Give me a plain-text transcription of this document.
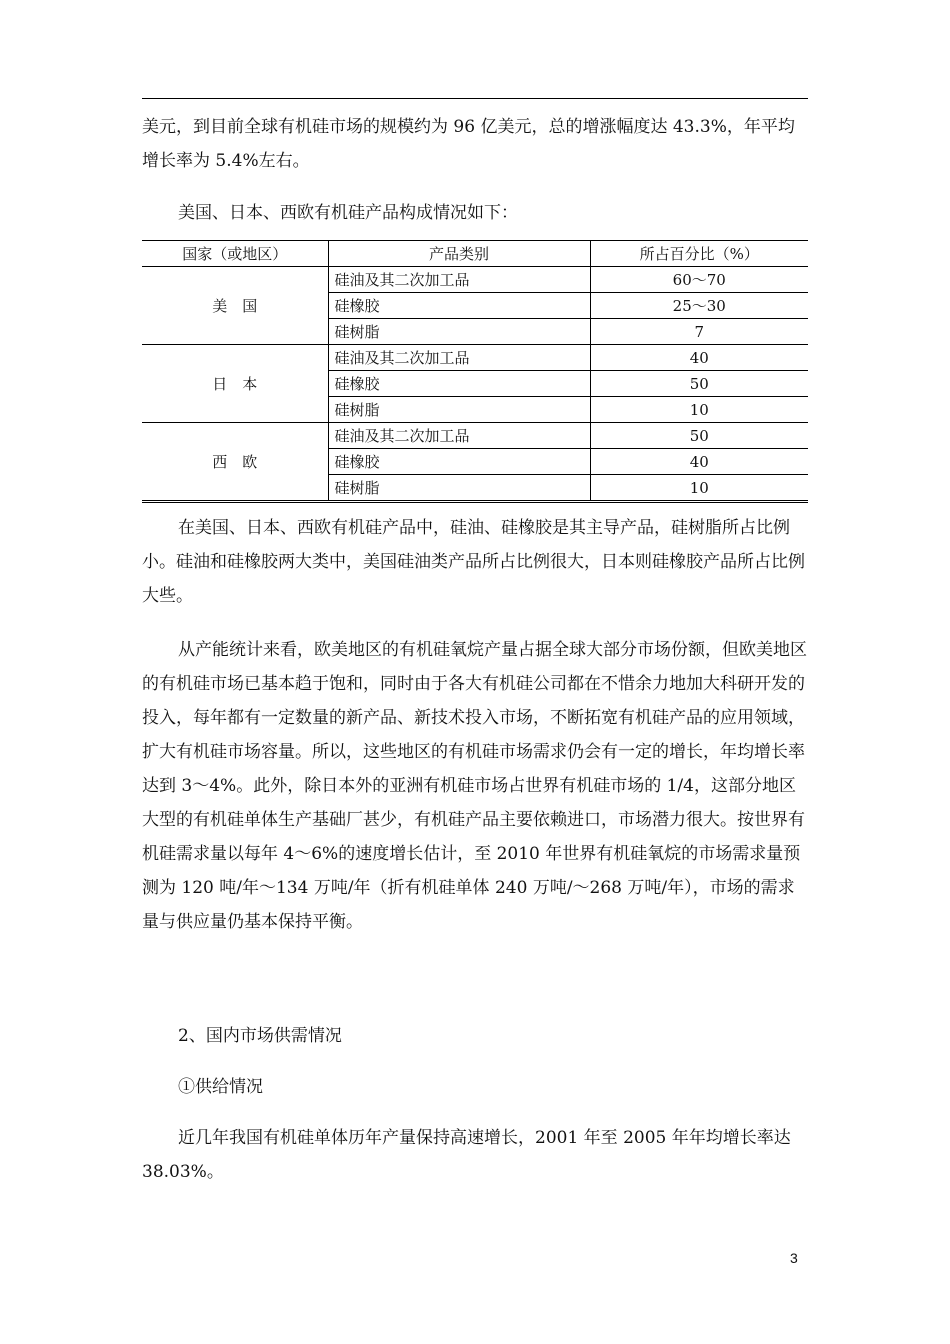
美元，到目前全球有机硅市场的规模约为 96 亿美元，总的增涨幅度达 43.3%，年平均增长率为 5.4%左右。

美国、日本、西欧有机硅产品构成情况如下：

国家（或地区）	产品类别	所占百分比（%）
美　国	硅油及其二次加工品	60～70
	硅橡胶	25～30
	硅树脂	7
日　本	硅油及其二次加工品	40
	硅橡胶	50
	硅树脂	10
西　欧	硅油及其二次加工品	50
	硅橡胶	40
	硅树脂	10

在美国、日本、西欧有机硅产品中，硅油、硅橡胶是其主导产品，硅树脂所占比例小。硅油和硅橡胶两大类中，美国硅油类产品所占比例很大，日本则硅橡胶产品所占比例大些。

从产能统计来看，欧美地区的有机硅氧烷产量占据全球大部分市场份额，但欧美地区的有机硅市场已基本趋于饱和，同时由于各大有机硅公司都在不惜余力地加大科研开发的投入，每年都有一定数量的新产品、新技术投入市场，不断拓宽有机硅产品的应用领域，扩大有机硅市场容量。所以，这些地区的有机硅市场需求仍会有一定的增长，年均增长率达到 3～4%。此外，除日本外的亚洲有机硅市场占世界有机硅市场的 1/4，这部分地区大型的有机硅单体生产基础厂甚少，有机硅产品主要依赖进口，市场潜力很大。按世界有机硅需求量以每年 4～6%的速度增长估计，至 2010 年世界有机硅氧烷的市场需求量预测为 120 吨/年～134 万吨/年（折有机硅单体 240 万吨/～268 万吨/年），市场的需求量与供应量仍基本保持平衡。

2、国内市场供需情况

①供给情况

近几年我国有机硅单体历年产量保持高速增长，2001 年至 2005 年年均增长率达 38.03%。

3
